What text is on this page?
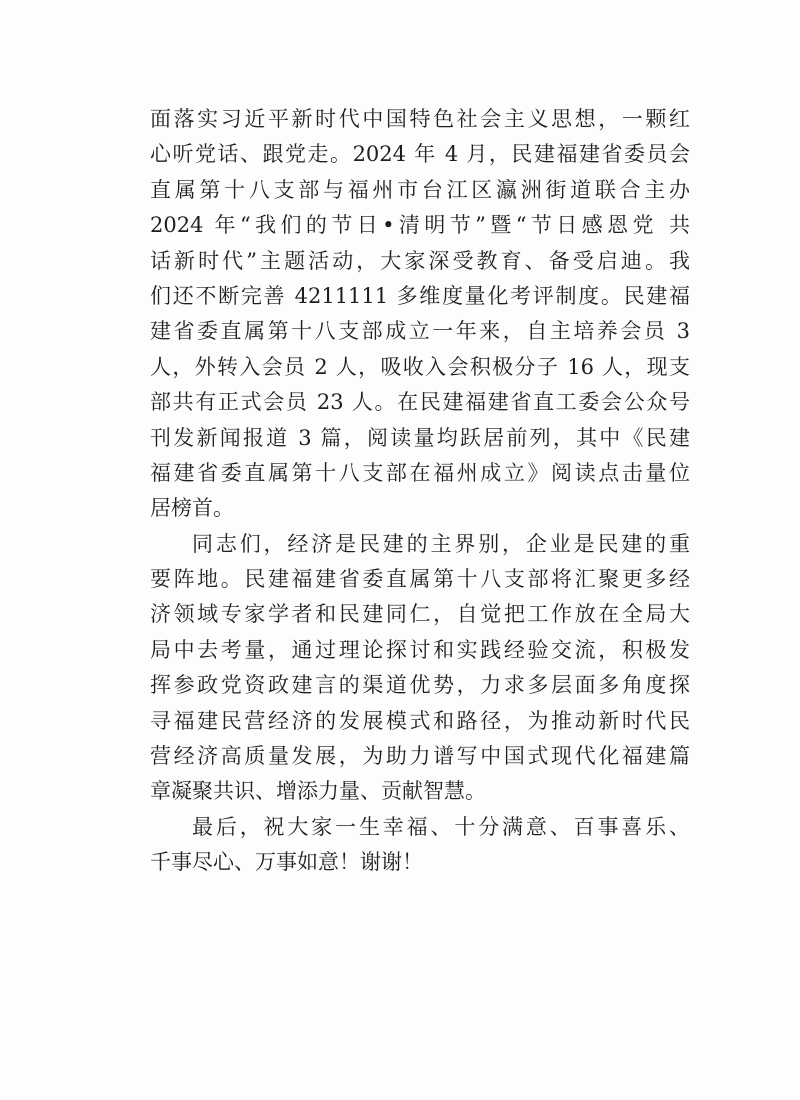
面落实习近平新时代中国特色社会主义思想，一颗红
心听党话、跟党走。2024 年 4 月，民建福建省委员会
直属第十八支部与福州市台江区瀛洲街道联合主办
2024 年“我们的节日•清明节”暨“节日感恩党 共
话新时代”主题活动，大家深受教育、备受启迪。我
们还不断完善 4211111 多维度量化考评制度。民建福
建省委直属第十八支部成立一年来，自主培养会员 3
人，外转入会员 2 人，吸收入会积极分子 16 人，现支
部共有正式会员 23 人。在民建福建省直工委会公众号
刊发新闻报道 3 篇，阅读量均跃居前列，其中《民建
福建省委直属第十八支部在福州成立》阅读点击量位
居榜首。
同志们，经济是民建的主界别，企业是民建的重
要阵地。民建福建省委直属第十八支部将汇聚更多经
济领域专家学者和民建同仁，自觉把工作放在全局大
局中去考量，通过理论探讨和实践经验交流，积极发
挥参政党资政建言的渠道优势，力求多层面多角度探
寻福建民营经济的发展模式和路径，为推动新时代民
营经济高质量发展，为助力谱写中国式现代化福建篇
章凝聚共识、增添力量、贡献智慧。
最后，祝大家一生幸福、十分满意、百事喜乐、
千事尽心、万事如意！谢谢！
